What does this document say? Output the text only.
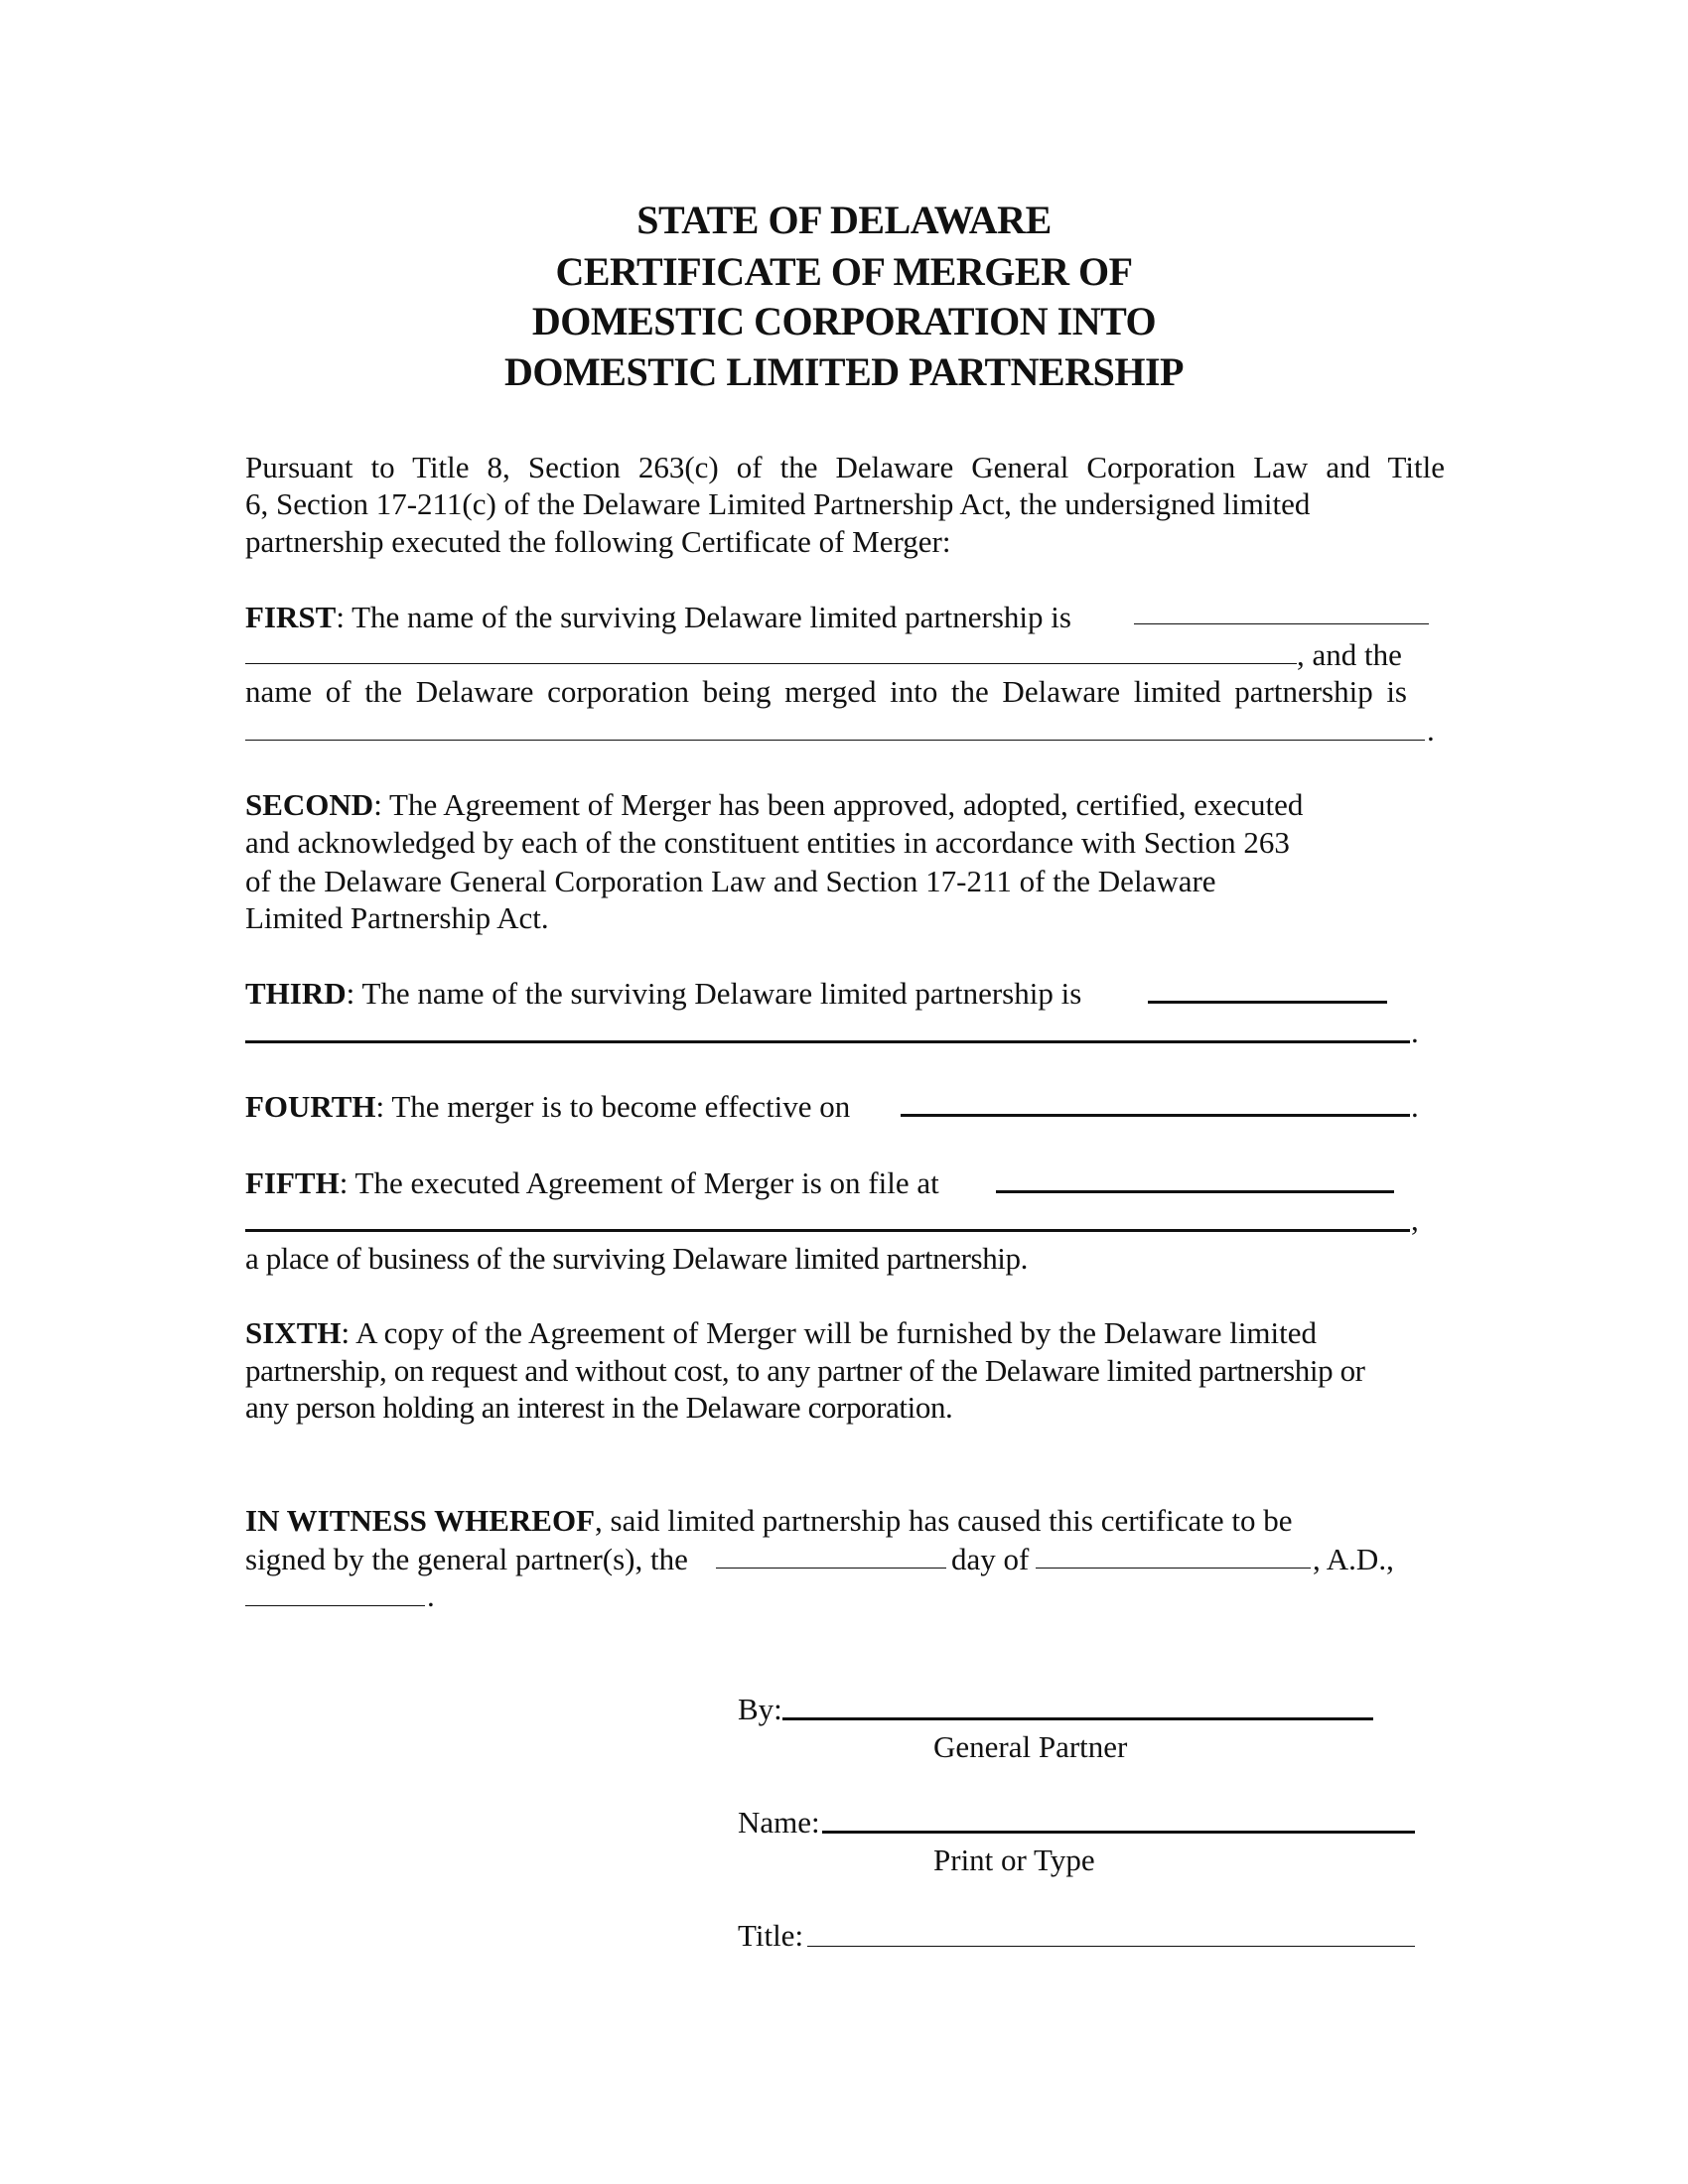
STATE OF DELAWARE
CERTIFICATE OF MERGER OF
DOMESTIC CORPORATION INTO
DOMESTIC LIMITED PARTNERSHIP
Pursuant to Title 8, Section 263(c) of the Delaware General Corporation Law and Title
6, Section 17-211(c) of the Delaware Limited Partnership Act, the undersigned limited
partnership executed the following Certificate of Merger:
FIRST: The name of the surviving Delaware limited partnership is
, and the
name of the Delaware corporation being merged into the Delaware limited partnership is
.
SECOND: The Agreement of Merger has been approved, adopted, certified, executed
and acknowledged by each of the constituent entities in accordance with Section 263
of the Delaware General Corporation Law and Section 17-211 of the Delaware
Limited Partnership Act.
THIRD: The name of the surviving Delaware limited partnership is
.
FOURTH: The merger is to become effective on	.
FIFTH: The executed Agreement of Merger is on file at
,
a place of business of the surviving Delaware limited partnership.
SIXTH: A copy of the Agreement of Merger will be furnished by the Delaware limited
partnership, on request and without cost, to any partner of the Delaware limited partnership or
any person holding an interest in the Delaware corporation.
IN WITNESS WHEREOF, said limited partnership has caused this certificate to be
signed by the general partner(s), the	day of	, A.D.,
.
By:
General Partner
Name:
Print or Type
Title:
